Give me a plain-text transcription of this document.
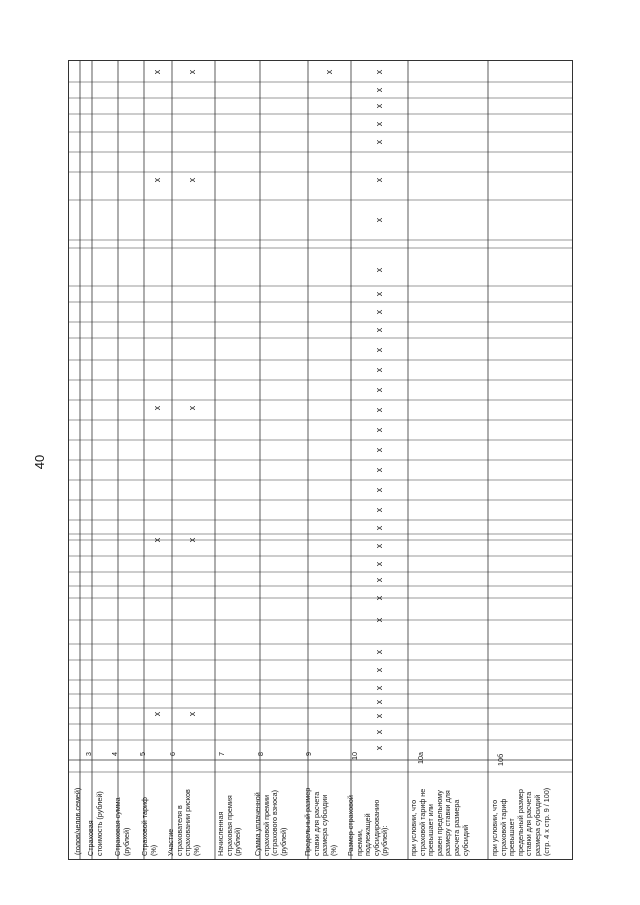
40
(голов/челов.семей)
3
Страховая
стоимость (рублей)
4
Страховая сумма
(рублей)
5
Страховой тариф
(%)
6
Участие
страхователя в
страховании рисков
(%)
7
Начисленная
страховая премия
(рублей)
8
Сумма уплаченной
страховой премии
(страхового взноса)
(рублей)
9
Предельный размер
ставки для расчета
размера субсидии
(%)
10
Размер страховой
премии,
подлежащей
субсидированию
(рублей):
10а
при условии, что
страховой тариф не
превышает или
равен предельному
размеру ставки для
расчета размера
субсидий
10б
при условии, что
страховой тариф
превышает
предельный размер
ставки для расчета
размера субсидий
(стр. 4 x стр. 9 / 100)
x
x
x
x
x
x
x
x
x
x
x	x
x
x
x
x
x
x
x
x
x
x
x
x
x
x
x
x
x
x
x
x
x
x
x
x
x
x
x
x
x
x
x
x
